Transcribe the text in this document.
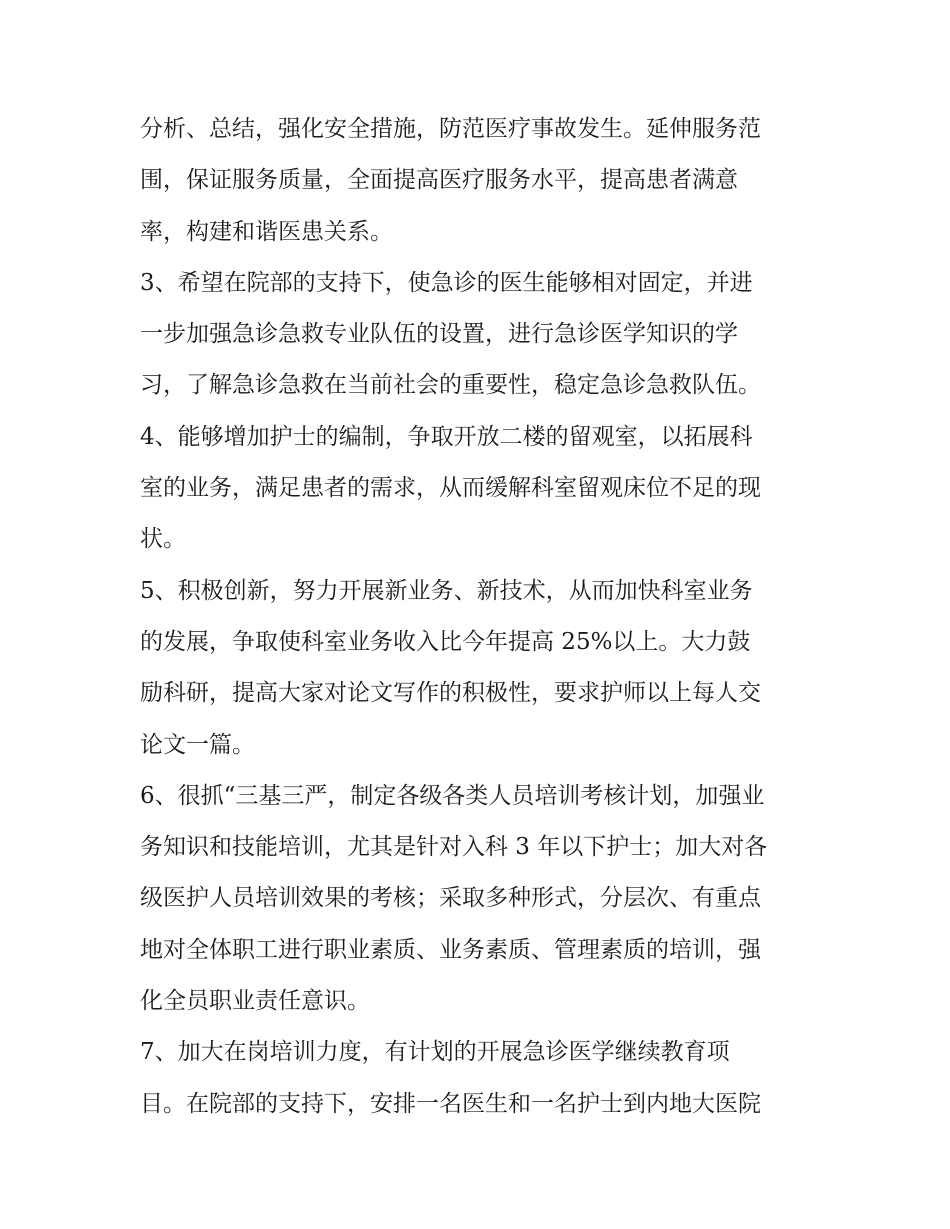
分析、总结，强化安全措施，防范医疗事故发生。延伸服务范
围，保证服务质量，全面提高医疗服务水平，提高患者满意
率，构建和谐医患关系。
3、希望在院部的支持下，使急诊的医生能够相对固定，并进
一步加强急诊急救专业队伍的设置，进行急诊医学知识的学
习，了解急诊急救在当前社会的重要性，稳定急诊急救队伍。
4、能够增加护士的编制，争取开放二楼的留观室，以拓展科
室的业务，满足患者的需求，从而缓解科室留观床位不足的现
状。
5、积极创新，努力开展新业务、新技术，从而加快科室业务
的发展，争取使科室业务收入比今年提高 25%以上。大力鼓
励科研，提高大家对论文写作的积极性，要求护师以上每人交
论文一篇。
6、很抓“三基三严，制定各级各类人员培训考核计划，加强业
务知识和技能培训，尤其是针对入科 3 年以下护士；加大对各
级医护人员培训效果的考核；采取多种形式，分层次、有重点
地对全体职工进行职业素质、业务素质、管理素质的培训，强
化全员职业责任意识。
7、加大在岗培训力度，有计划的开展急诊医学继续教育项
目。在院部的支持下，安排一名医生和一名护士到内地大医院
